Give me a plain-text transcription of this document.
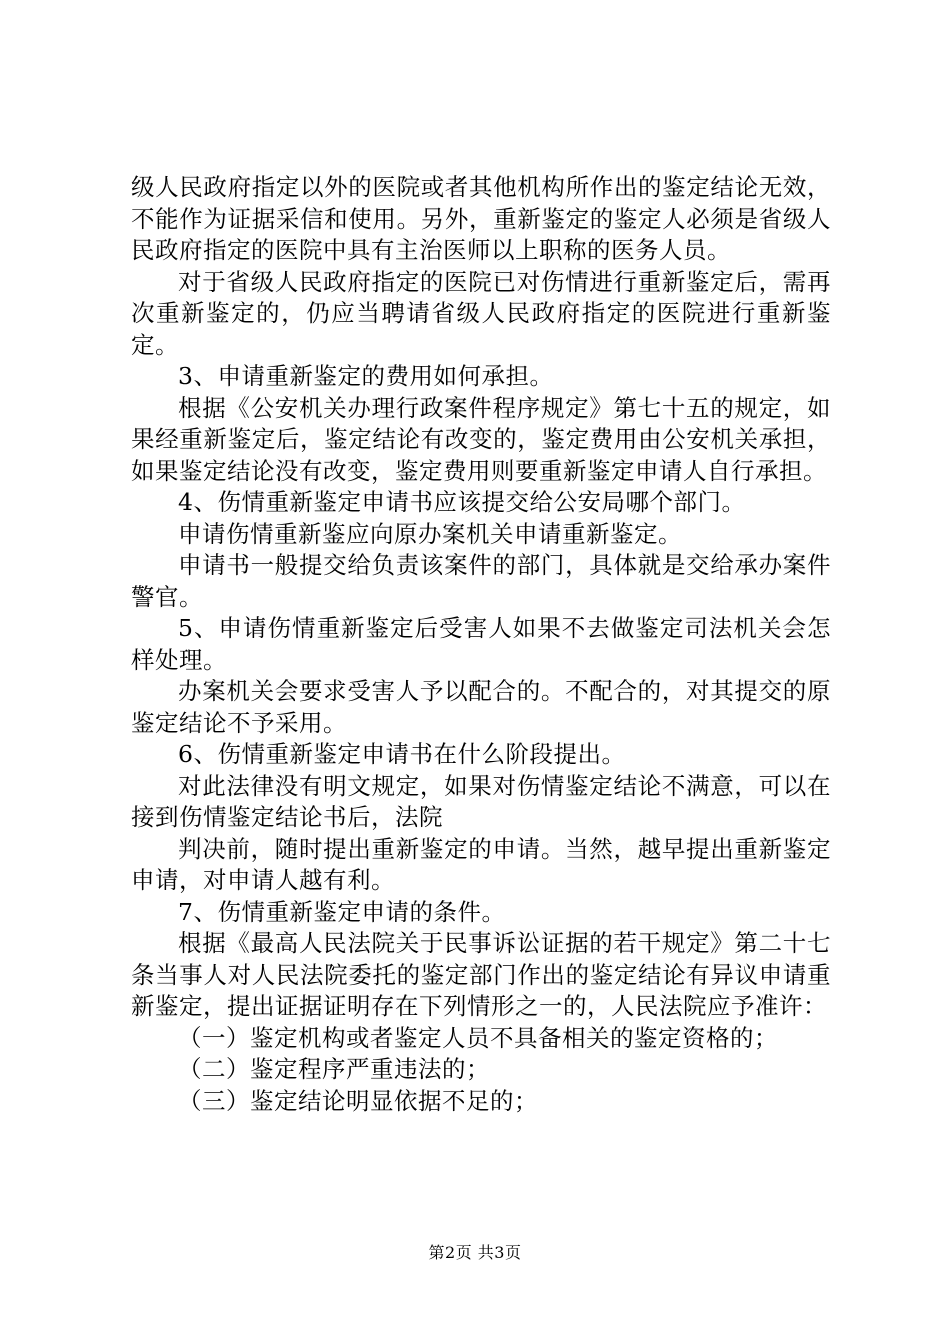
级人民政府指定以外的医院或者其他机构所作出的鉴定结论无效，不能作为证据采信和使用。另外，重新鉴定的鉴定人必须是省级人民政府指定的医院中具有主治医师以上职称的医务人员。

对于省级人民政府指定的医院已对伤情进行重新鉴定后，需再次重新鉴定的，仍应当聘请省级人民政府指定的医院进行重新鉴定。

3、申请重新鉴定的费用如何承担。

根据《公安机关办理行政案件程序规定》第七十五的规定，如果经重新鉴定后，鉴定结论有改变的，鉴定费用由公安机关承担，如果鉴定结论没有改变，鉴定费用则要重新鉴定申请人自行承担。

4、伤情重新鉴定申请书应该提交给公安局哪个部门。

申请伤情重新鉴应向原办案机关申请重新鉴定。

申请书一般提交给负责该案件的部门，具体就是交给承办案件警官。

5、申请伤情重新鉴定后受害人如果不去做鉴定司法机关会怎样处理。

办案机关会要求受害人予以配合的。不配合的，对其提交的原鉴定结论不予采用。

6、伤情重新鉴定申请书在什么阶段提出。

对此法律没有明文规定，如果对伤情鉴定结论不满意，可以在接到伤情鉴定结论书后，法院

判决前，随时提出重新鉴定的申请。当然，越早提出重新鉴定申请，对申请人越有利。

7、伤情重新鉴定申请的条件。

根据《最高人民法院关于民事诉讼证据的若干规定》第二十七条当事人对人民法院委托的鉴定部门作出的鉴定结论有异议申请重新鉴定，提出证据证明存在下列情形之一的，人民法院应予准许：

（一）鉴定机构或者鉴定人员不具备相关的鉴定资格的；

（二）鉴定程序严重违法的；

（三）鉴定结论明显依据不足的；

第2页 共3页
